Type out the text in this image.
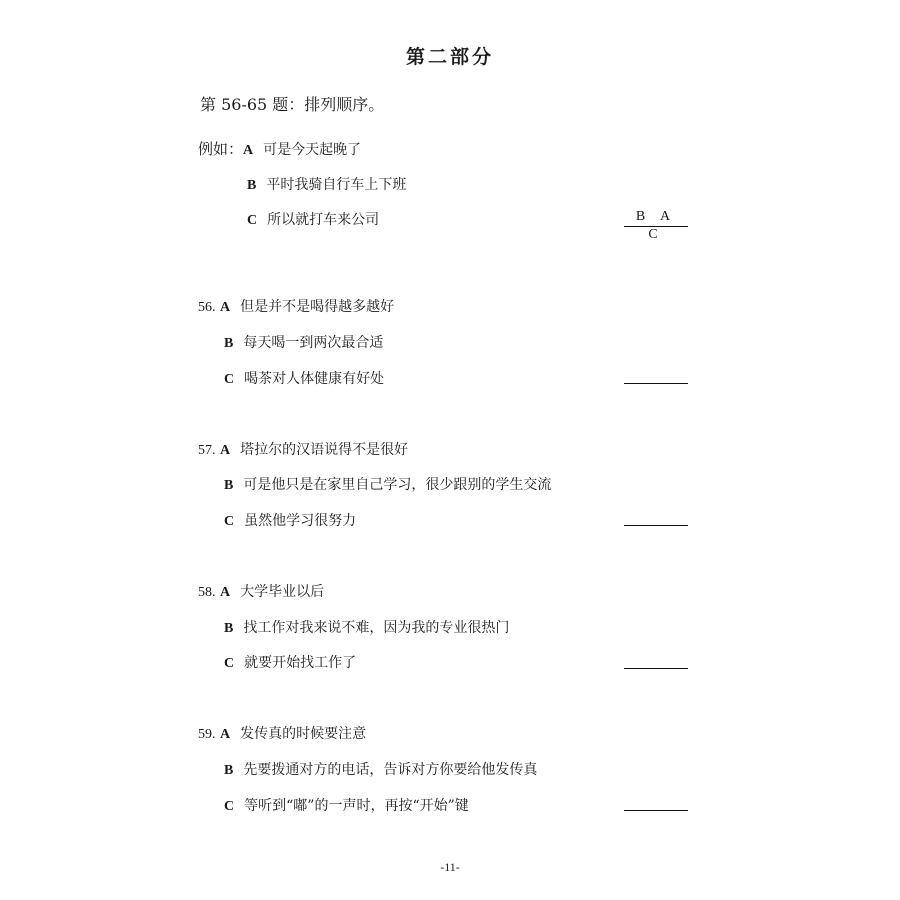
第二部分
第 56-65 题：排列顺序。
例如：A 可是今天起晚了
B 平时我骑自行车上下班
C 所以就打车来公司	B A C
56. A 但是并不是喝得越多越好
B 每天喝一到两次最合适
C 喝茶对人体健康有好处
57. A 塔拉尔的汉语说得不是很好
B 可是他只是在家里自己学习，很少跟别的学生交流
C 虽然他学习很努力
58. A 大学毕业以后
B 找工作对我来说不难，因为我的专业很热门
C 就要开始找工作了
59. A 发传真的时候要注意
B 先要拨通对方的电话，告诉对方你要给他发传真
C 等听到“嘟”的一声时，再按“开始”键
-11-
